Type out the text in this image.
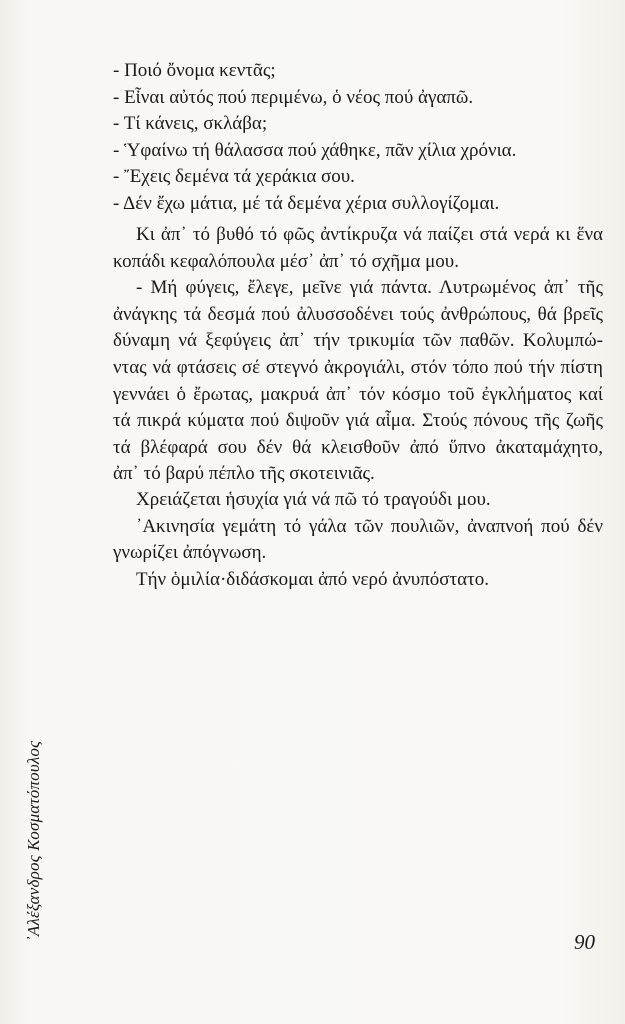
- Ποιό ὄνομα κεντᾶς;
- Εἶναι αὐτός πού περιμένω, ὁ νέος πού ἀγαπῶ.
- Τί κάνεις, σκλάβα;
- Ὑφαίνω τή θάλασσα πού χάθηκε, πᾶν χίλια χρόνια.
- Ἔχεις δεμένα τά χεράκια σου.
- Δέν ἔχω μάτια, μέ τά δεμένα χέρια συλλογίζομαι.
Κι ἀπ᾽ τό βυθό τό φῶς ἀντίκρυζα νά παίζει στά νερά κι ἕνα
κοπάδι κεφαλόπουλα μέσ᾽ ἀπ᾽ τό σχῆμα μου.
- Μή φύγεις, ἔλεγε, μεῖνε γιά πάντα. Λυτρωμένος ἀπ᾽ τῆς
ἀνάγκης τά δεσμά πού ἀλυσσοδένει τούς ἀνθρώπους, θά βρεῖς
δύναμη νά ξεφύγεις ἀπ᾽ τήν τρικυμία τῶν παθῶν. Κολυμπώ-
ντας νά φτάσεις σέ στεγνό ἀκρογιάλι, στόν τόπο πού τήν πίστη
γεννάει ὁ ἔρωτας, μακρυά ἀπ᾽ τόν κόσμο τοῦ ἐγκλήματος καί
τά πικρά κύματα πού διψοῦν γιά αἷμα. Στούς πόνους τῆς ζωῆς
τά βλέφαρά σου δέν θά κλεισθοῦν ἀπό ὕπνο ἀκαταμάχητο,
ἀπ᾽ τό βαρύ πέπλο τῆς σκοτεινιᾶς.
Χρειάζεται ἡσυχία γιά νά πῶ τό τραγούδι μου.
᾽Ακινησία γεμάτη τό γάλα τῶν πουλιῶν, ἀναπνοή πού δέν
γνωρίζει ἀπόγνωση.
Τήν ὁμιλία·διδάσκομαι ἀπό νερό ἀνυπόστατο.
᾽Αλέξανδρος Κοσματόπουλος	90
